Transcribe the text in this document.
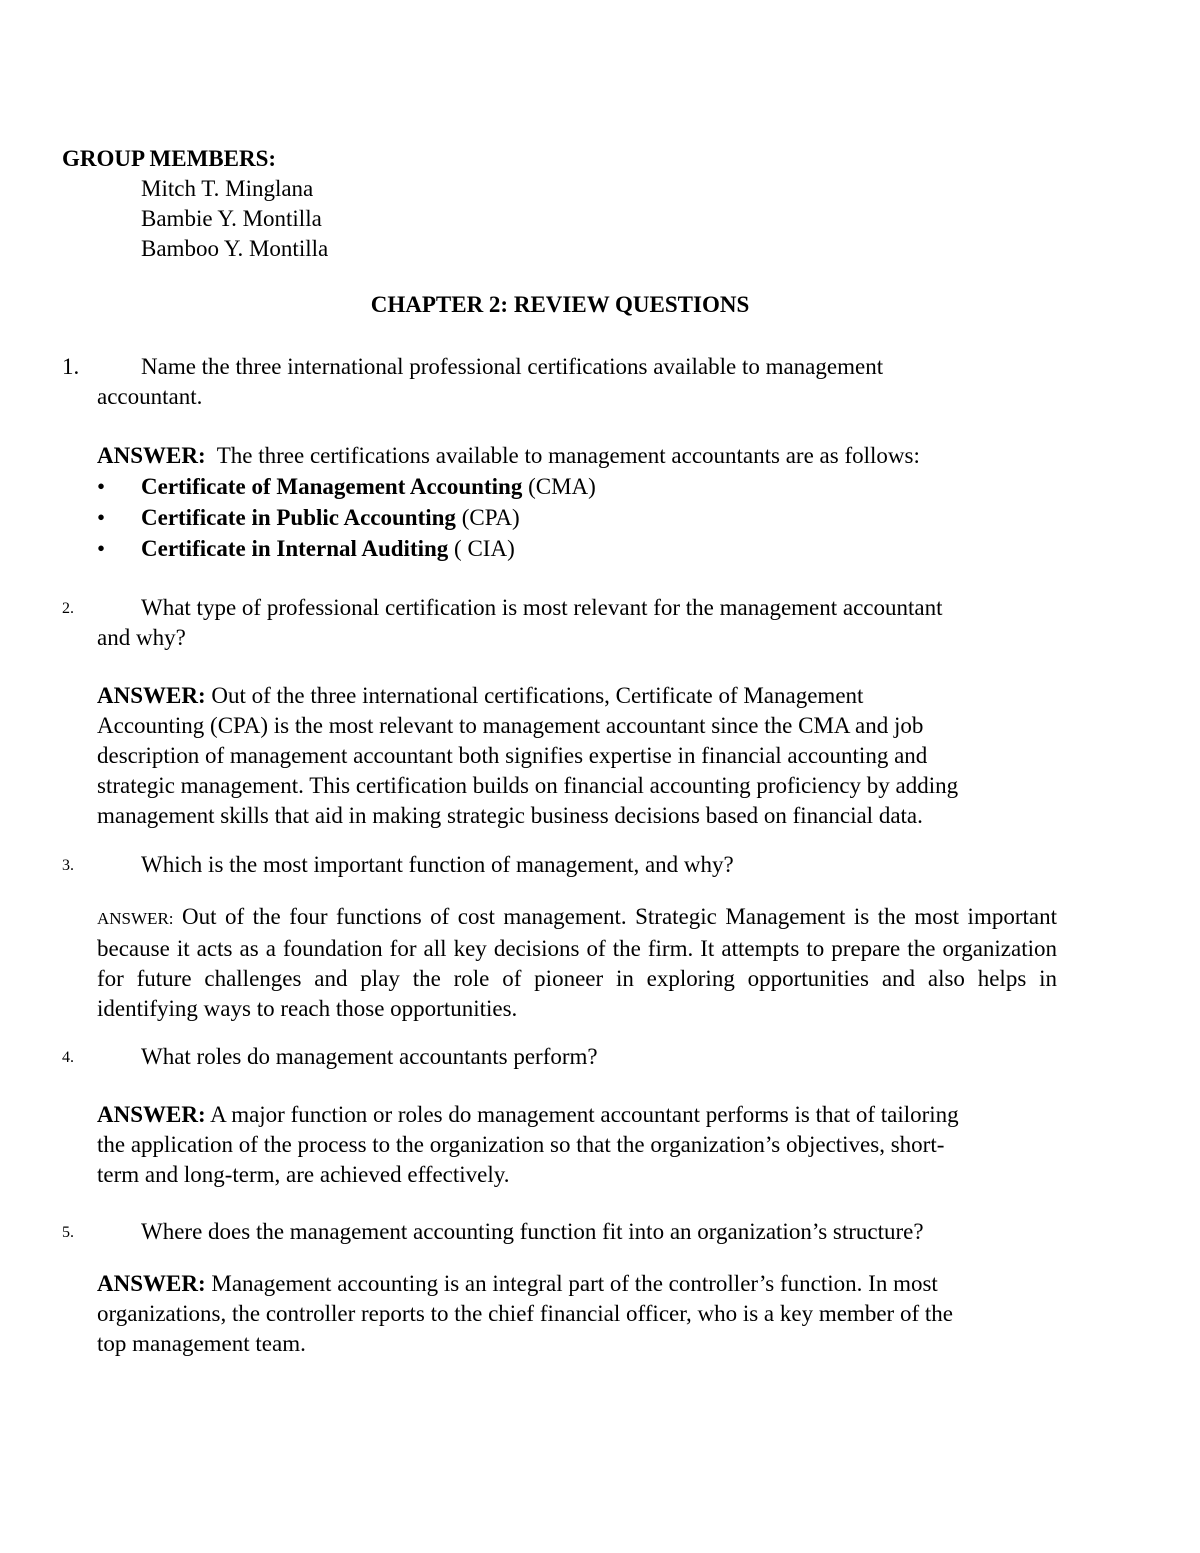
GROUP MEMBERS:
Mitch T. Minglana
Bambie Y. Montilla
Bamboo Y. Montilla
CHAPTER 2: REVIEW QUESTIONS
1.	Name the three international professional certifications available to management
accountant.
ANSWER: The three certifications available to management accountants are as follows:
•	Certificate of Management Accounting (CMA)
•	Certificate in Public Accounting (CPA)
•	Certificate in Internal Auditing ( CIA)
2.	What type of professional certification is most relevant for the management accountant
and why?
ANSWER: Out of the three international certifications, Certificate of Management
Accounting (CPA) is the most relevant to management accountant since the CMA and job
description of management accountant both signifies expertise in financial accounting and
strategic management. This certification builds on financial accounting proficiency by adding
management skills that aid in making strategic business decisions based on financial data.
3.	Which is the most important function of management, and why?
ANSWER: Out of the four functions of cost management. Strategic Management is the most important because it acts as a foundation for all key decisions of the firm. It attempts to prepare the organization for future challenges and play the role of pioneer in exploring opportunities and also helps in identifying ways to reach those opportunities.
4.	What roles do management accountants perform?
ANSWER: A major function or roles do management accountant performs is that of tailoring
the application of the process to the organization so that the organization’s objectives, short-
term and long-term, are achieved effectively.
5.	Where does the management accounting function fit into an organization’s structure?
ANSWER: Management accounting is an integral part of the controller’s function. In most
organizations, the controller reports to the chief financial officer, who is a key member of the
top management team.
